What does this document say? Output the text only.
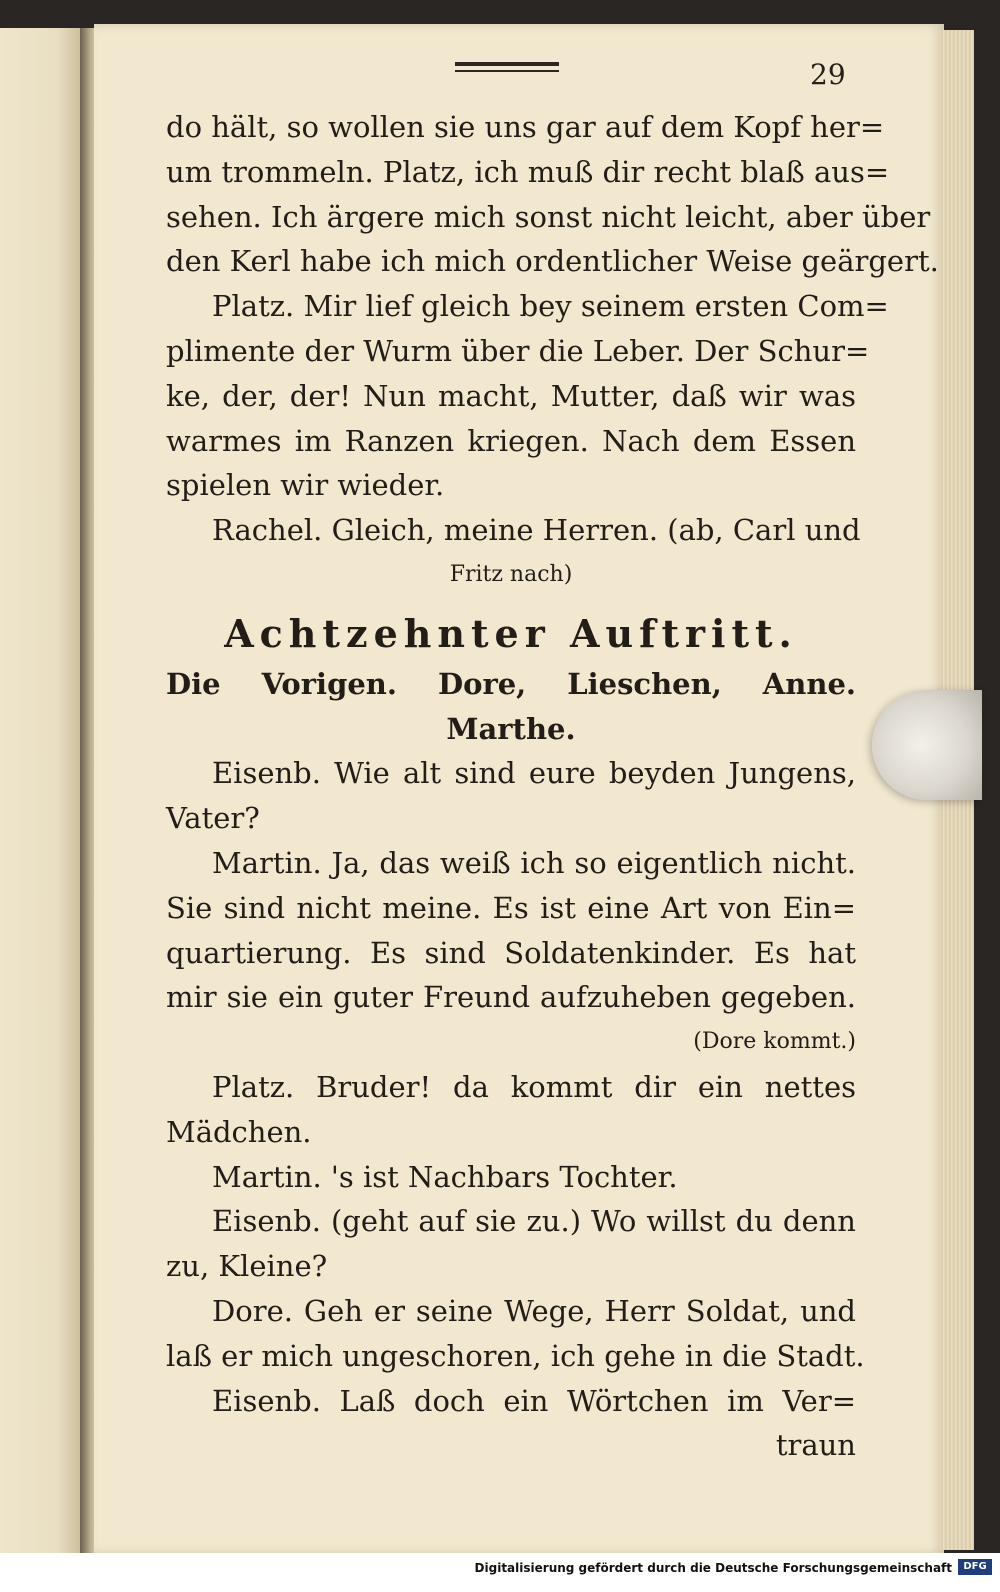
29
do hält, so wollen sie uns gar auf dem Kopf her=
um trommeln. Platz, ich muß dir recht blaß aus=
sehen. Ich ärgere mich sonst nicht leicht, aber über
den Kerl habe ich mich ordentlicher Weise geärgert.
Platz. Mir lief gleich bey seinem ersten Com=
plimente der Wurm über die Leber. Der Schur=
ke, der, der! Nun macht, Mutter, daß wir was
warmes im Ranzen kriegen. Nach dem Essen
spielen wir wieder.
Rachel. Gleich, meine Herren. (ab, Carl und
Fritz nach)
Achtzehnter Auftritt.
Die Vorigen. Dore, Lieschen, Anne.
Marthe.
Eisenb. Wie alt sind eure beyden Jungens,
Vater?
Martin. Ja, das weiß ich so eigentlich nicht.
Sie sind nicht meine. Es ist eine Art von Ein=
quartierung. Es sind Soldatenkinder. Es hat
mir sie ein guter Freund aufzuheben gegeben.
(Dore kommt.)
Platz. Bruder! da kommt dir ein nettes
Mädchen.
Martin. 's ist Nachbars Tochter.
Eisenb. (geht auf sie zu.) Wo willst du denn
zu, Kleine?
Dore. Geh er seine Wege, Herr Soldat, und
laß er mich ungeschoren, ich gehe in die Stadt.
Eisenb. Laß doch ein Wörtchen im Ver=
traun
Digitalisierung gefördert durch die Deutsche Forschungsgemeinschaft	DFG
